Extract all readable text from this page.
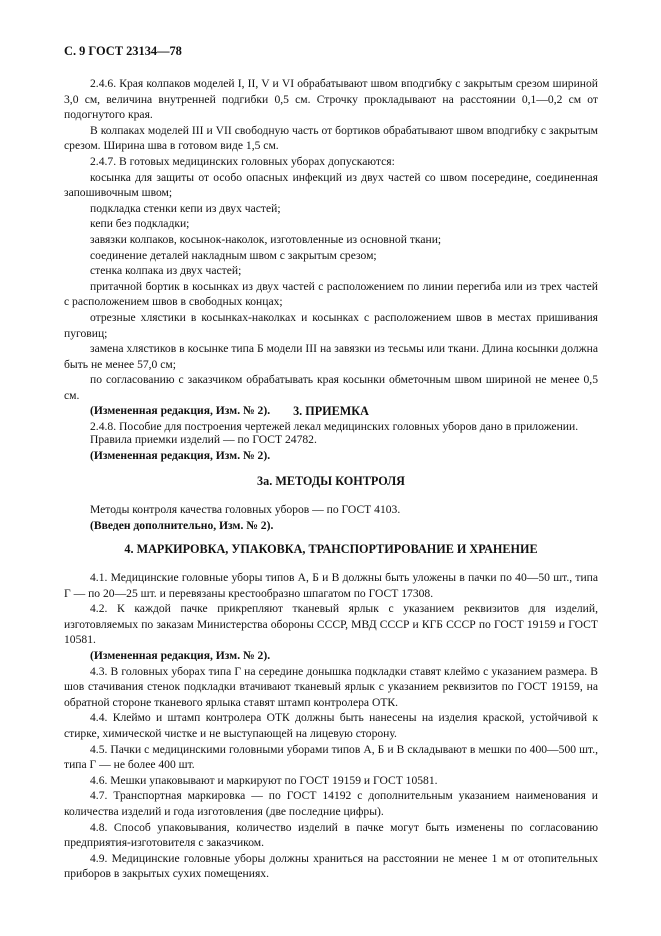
С. 9 ГОСТ 23134—78
2.4.6. Края колпаков моделей I, II, V и VI обрабатывают швом вподгибку с закрытым срезом шириной 3,0 см, величина внутренней подгибки 0,5 см. Строчку прокладывают на расстоянии 0,1—0,2 см от подогнутого края.
В колпаках моделей III и VII свободную часть от бортиков обрабатывают швом вподгибку с закрытым срезом. Ширина шва в готовом виде 1,5 см.
2.4.7. В готовых медицинских головных уборах допускаются:
косынка для защиты от особо опасных инфекций из двух частей со швом посередине, соединенная запошивочным швом;
подкладка стенки кепи из двух частей;
кепи без подкладки;
завязки колпаков, косынок-наколок, изготовленные из основной ткани;
соединение деталей накладным швом с закрытым срезом;
стенка колпака из двух частей;
притачной бортик в косынках из двух частей с расположением по линии перегиба или из трех частей с расположением швов в свободных концах;
отрезные хлястики в косынках-наколках и косынках с расположением швов в местах пришивания пуговиц;
замена хлястиков в косынке типа Б модели III на завязки из тесьмы или ткани. Длина косынки должна быть не менее 57,0 см;
по согласованию с заказчиком обрабатывать края косынки обметочным швом шириной не менее 0,5 см.
(Измененная редакция, Изм. № 2).
2.4.8. Пособие для построения чертежей лекал медицинских головных уборов дано в приложении.
3. ПРИЕМКА
Правила приемки изделий — по ГОСТ 24782.
(Измененная редакция, Изм. № 2).
3а. МЕТОДЫ КОНТРОЛЯ
Методы контроля качества головных уборов — по ГОСТ 4103.
(Введен дополнительно, Изм. № 2).
4. МАРКИРОВКА, УПАКОВКА, ТРАНСПОРТИРОВАНИЕ И ХРАНЕНИЕ
4.1. Медицинские головные уборы типов А, Б и В должны быть уложены в пачки по 40—50 шт., типа Г — по 20—25 шт. и перевязаны крестообразно шпагатом по ГОСТ 17308.
4.2. К каждой пачке прикрепляют тканевый ярлык с указанием реквизитов для изделий, изготовляемых по заказам Министерства обороны СССР, МВД СССР и КГБ СССР по ГОСТ 19159 и ГОСТ 10581.
(Измененная редакция, Изм. № 2).
4.3. В головных уборах типа Г на середине донышка подкладки ставят клеймо с указанием размера. В шов стачивания стенок подкладки втачивают тканевый ярлык с указанием реквизитов по ГОСТ 19159, на обратной стороне тканевого ярлыка ставят штамп контролера ОТК.
4.4. Клеймо и штамп контролера ОТК должны быть нанесены на изделия краской, устойчивой к стирке, химической чистке и не выступающей на лицевую сторону.
4.5. Пачки с медицинскими головными уборами типов А, Б и В складывают в мешки по 400—500 шт., типа Г — не более 400 шт.
4.6. Мешки упаковывают и маркируют по ГОСТ 19159 и ГОСТ 10581.
4.7. Транспортная маркировка — по ГОСТ 14192 с дополнительным указанием наименования и количества изделий и года изготовления (две последние цифры).
4.8. Способ упаковывания, количество изделий в пачке могут быть изменены по согласованию предприятия-изготовителя с заказчиком.
4.9. Медицинские головные уборы должны храниться на расстоянии не менее 1 м от отопительных приборов в закрытых сухих помещениях.
